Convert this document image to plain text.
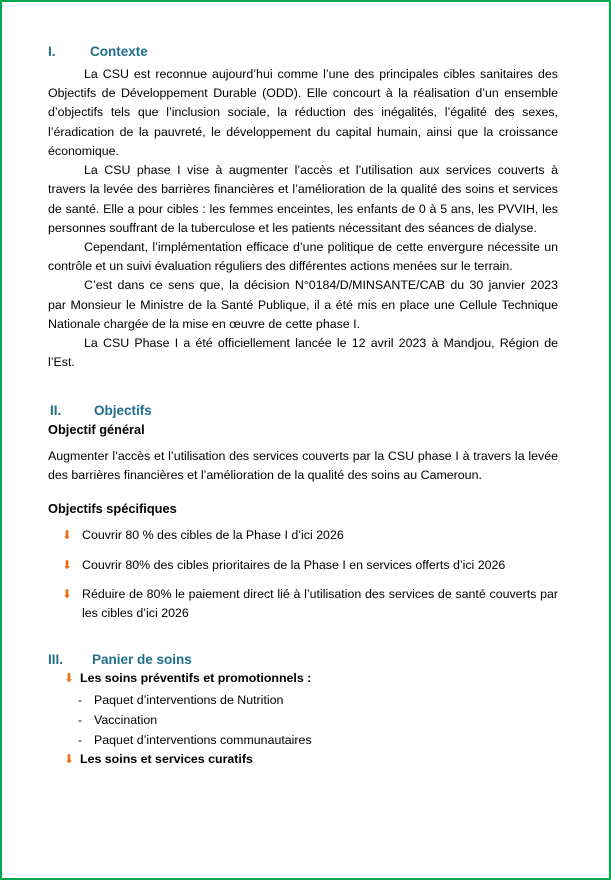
I.	Contexte

La CSU est reconnue aujourd’hui comme l’une des principales cibles sanitaires des Objectifs de Développement Durable (ODD). Elle concourt à la réalisation d’un ensemble d’objectifs tels que l’inclusion sociale, la réduction des inégalités, l’égalité des sexes, l’éradication de la pauvreté, le développement du capital humain, ainsi que la croissance économique.

La CSU phase I vise à augmenter l’accès et l’utilisation aux services couverts à travers la levée des barrières financières et l’amélioration de la qualité des soins et services de santé. Elle a pour cibles : les femmes enceintes, les enfants de 0 à 5 ans, les PVVIH, les personnes souffrant de la tuberculose et les patients nécessitant des séances de dialyse.

Cependant, l’implémentation efficace d’une politique de cette envergure nécessite un contrôle et un suivi évaluation réguliers des différentes actions menées sur le terrain.

C’est dans ce sens que, la décision N°0184/D/MINSANTE/CAB du 30 janvier 2023 par Monsieur le Ministre de la Santé Publique, il a été mis en place une Cellule Technique Nationale chargée de la mise en œuvre de cette phase I.

La CSU Phase I a été officiellement lancée le 12 avril 2023 à Mandjou, Région de l’Est.

II.	Objectifs
Objectif général

Augmenter l’accès et l’utilisation des services couverts par la CSU phase I à travers la levée des barrières financières et l’amélioration de la qualité des soins au Cameroun.

Objectifs spécifiques
⬇ Couvrir 80 % des cibles de la Phase I d’ici 2026
⬇ Couvrir 80% des cibles prioritaires de la Phase I en services offerts d’ici 2026
⬇ Réduire de 80% le paiement direct lié à l’utilisation des services de santé couverts par les cibles d’ici 2026
III.	Panier de soins
⬇ Les soins préventifs et promotionnels :
- Paquet d’interventions de Nutrition
- Vaccination
- Paquet d’interventions communautaires
⬇ Les soins et services curatifs
